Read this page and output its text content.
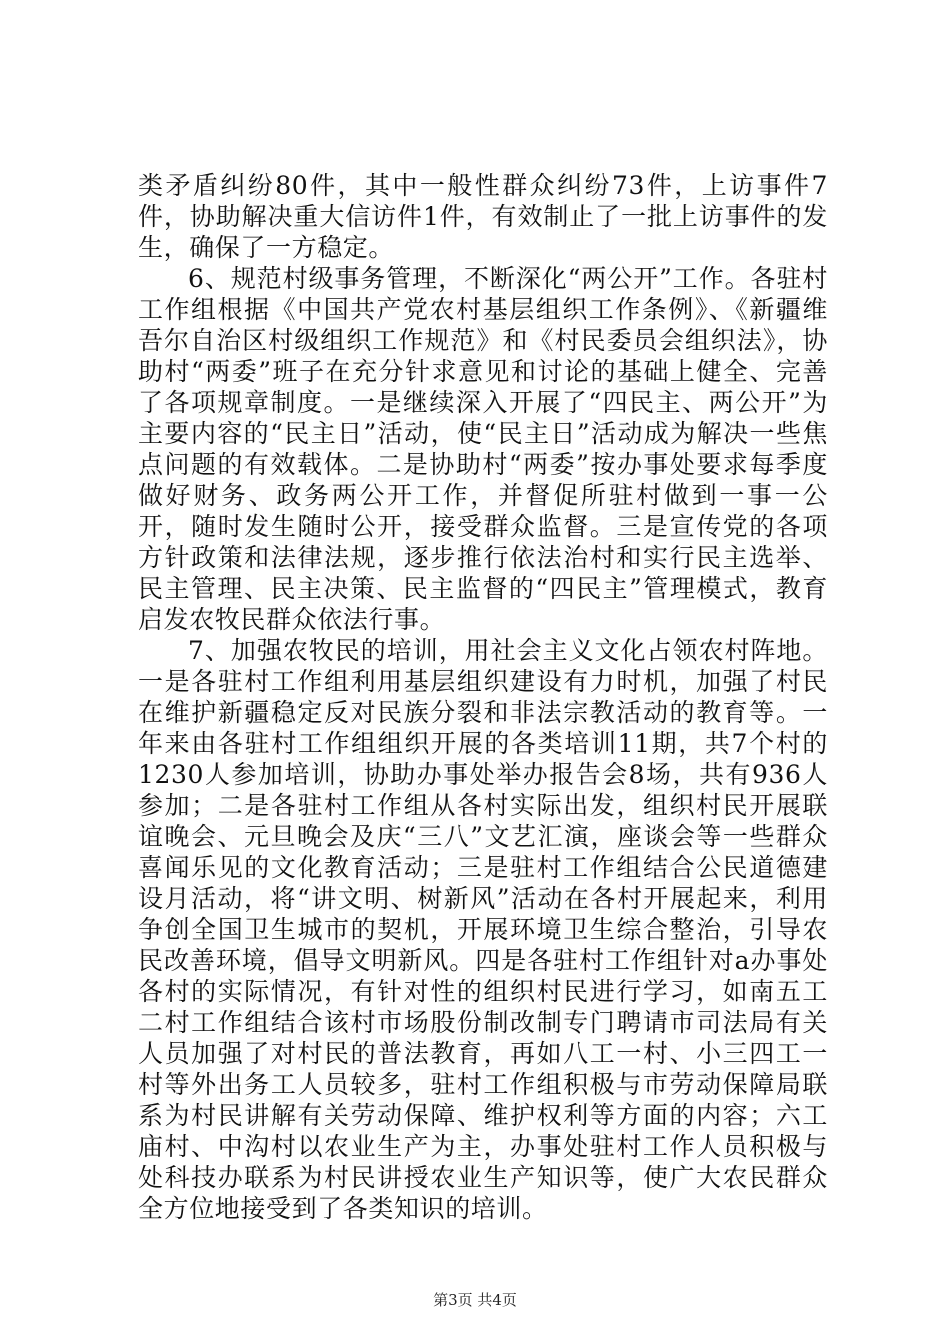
类矛盾纠纷80件，其中一般性群众纠纷73件，上访事件7件，协助解决重大信访件1件，有效制止了一批上访事件的发生，确保了一方稳定。

6、规范村级事务管理，不断深化“两公开”工作。各驻村工作组根据《中国共产党农村基层组织工作条例》、《新疆维吾尔自治区村级组织工作规范》和《村民委员会组织法》，协助村“两委”班子在充分针求意见和讨论的基础上健全、完善了各项规章制度。一是继续深入开展了“四民主、两公开”为主要内容的“民主日”活动，使“民主日”活动成为解决一些焦点问题的有效载体。二是协助村“两委”按办事处要求每季度做好财务、政务两公开工作，并督促所驻村做到一事一公开，随时发生随时公开，接受群众监督。三是宣传党的各项方针政策和法律法规，逐步推行依法治村和实行民主选举、民主管理、民主决策、民主监督的“四民主”管理模式，教育启发农牧民群众依法行事。

7、加强农牧民的培训，用社会主义文化占领农村阵地。一是各驻村工作组利用基层组织建设有力时机，加强了村民在维护新疆稳定反对民族分裂和非法宗教活动的教育等。一年来由各驻村工作组组织开展的各类培训11期，共7个村的1230人参加培训，协助办事处举办报告会8场，共有936人参加；二是各驻村工作组从各村实际出发，组织村民开展联谊晚会、元旦晚会及庆“三八”文艺汇演，座谈会等一些群众喜闻乐见的文化教育活动；三是驻村工作组结合公民道德建设月活动，将“讲文明、树新风”活动在各村开展起来，利用争创全国卫生城市的契机，开展环境卫生综合整治，引导农民改善环境，倡导文明新风。四是各驻村工作组针对a办事处各村的实际情况，有针对性的组织村民进行学习，如南五工二村工作组结合该村市场股份制改制专门聘请市司法局有关人员加强了对村民的普法教育，再如八工一村、小三四工一村等外出务工人员较多，驻村工作组积极与市劳动保障局联系为村民讲解有关劳动保障、维护权利等方面的内容；六工庙村、中沟村以农业生产为主，办事处驻村工作人员积极与处科技办联系为村民讲授农业生产知识等，使广大农民群众全方位地接受到了各类知识的培训。

第3页 共4页
